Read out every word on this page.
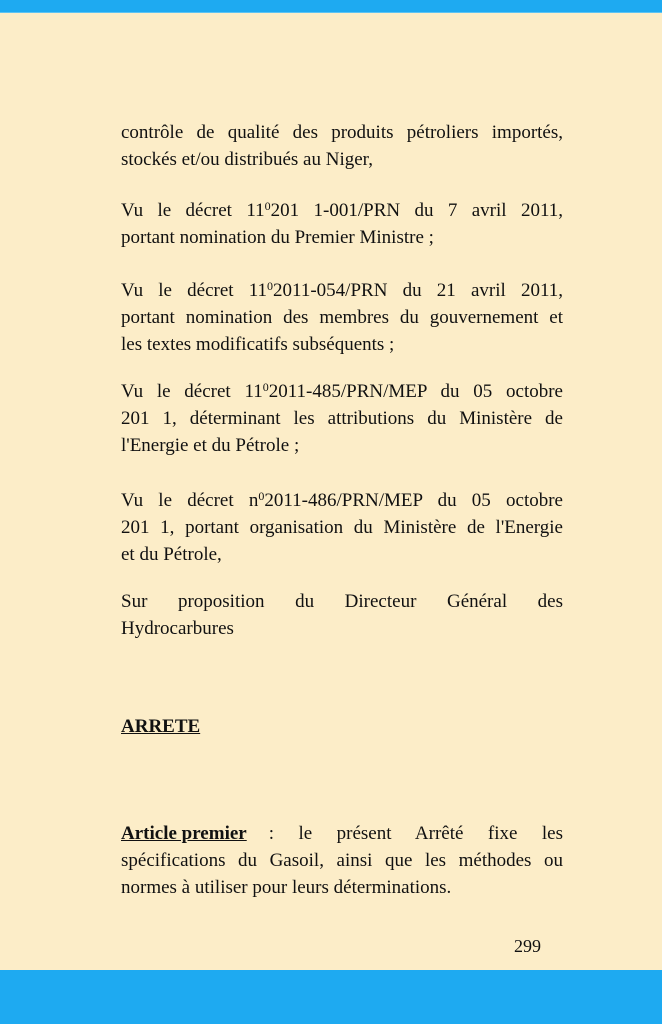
contrôle de qualité des produits pétroliers importés,
stockés et/ou distribués au Niger,
Vu le décret $11^0201$ 1-001/PRN du 7 avril 2011,
portant nomination du Premier Ministre ;
Vu le décret $11^02011-054$/PRN du 21 avril 2011,
portant nomination des membres du gouvernement et
les textes modificatifs subséquents ;
Vu le décret $11^02011-485/PRN$/MEP du 05 octobre
201 1, déterminant les attributions du Ministère de
l'Energie et du Pétrole ;
Vu le décret $n^02011-486/PRN$/MEP du 05 octobre
201 1, portant organisation du Ministère de l'Energie
et du Pétrole,
Sur proposition du Directeur Général des
Hydrocarbures
ARRETE
Article premier : le présent Arrêté fixe les
spécifications du Gasoil, ainsi que les méthodes ou
normes à utiliser pour leurs déterminations.
299
